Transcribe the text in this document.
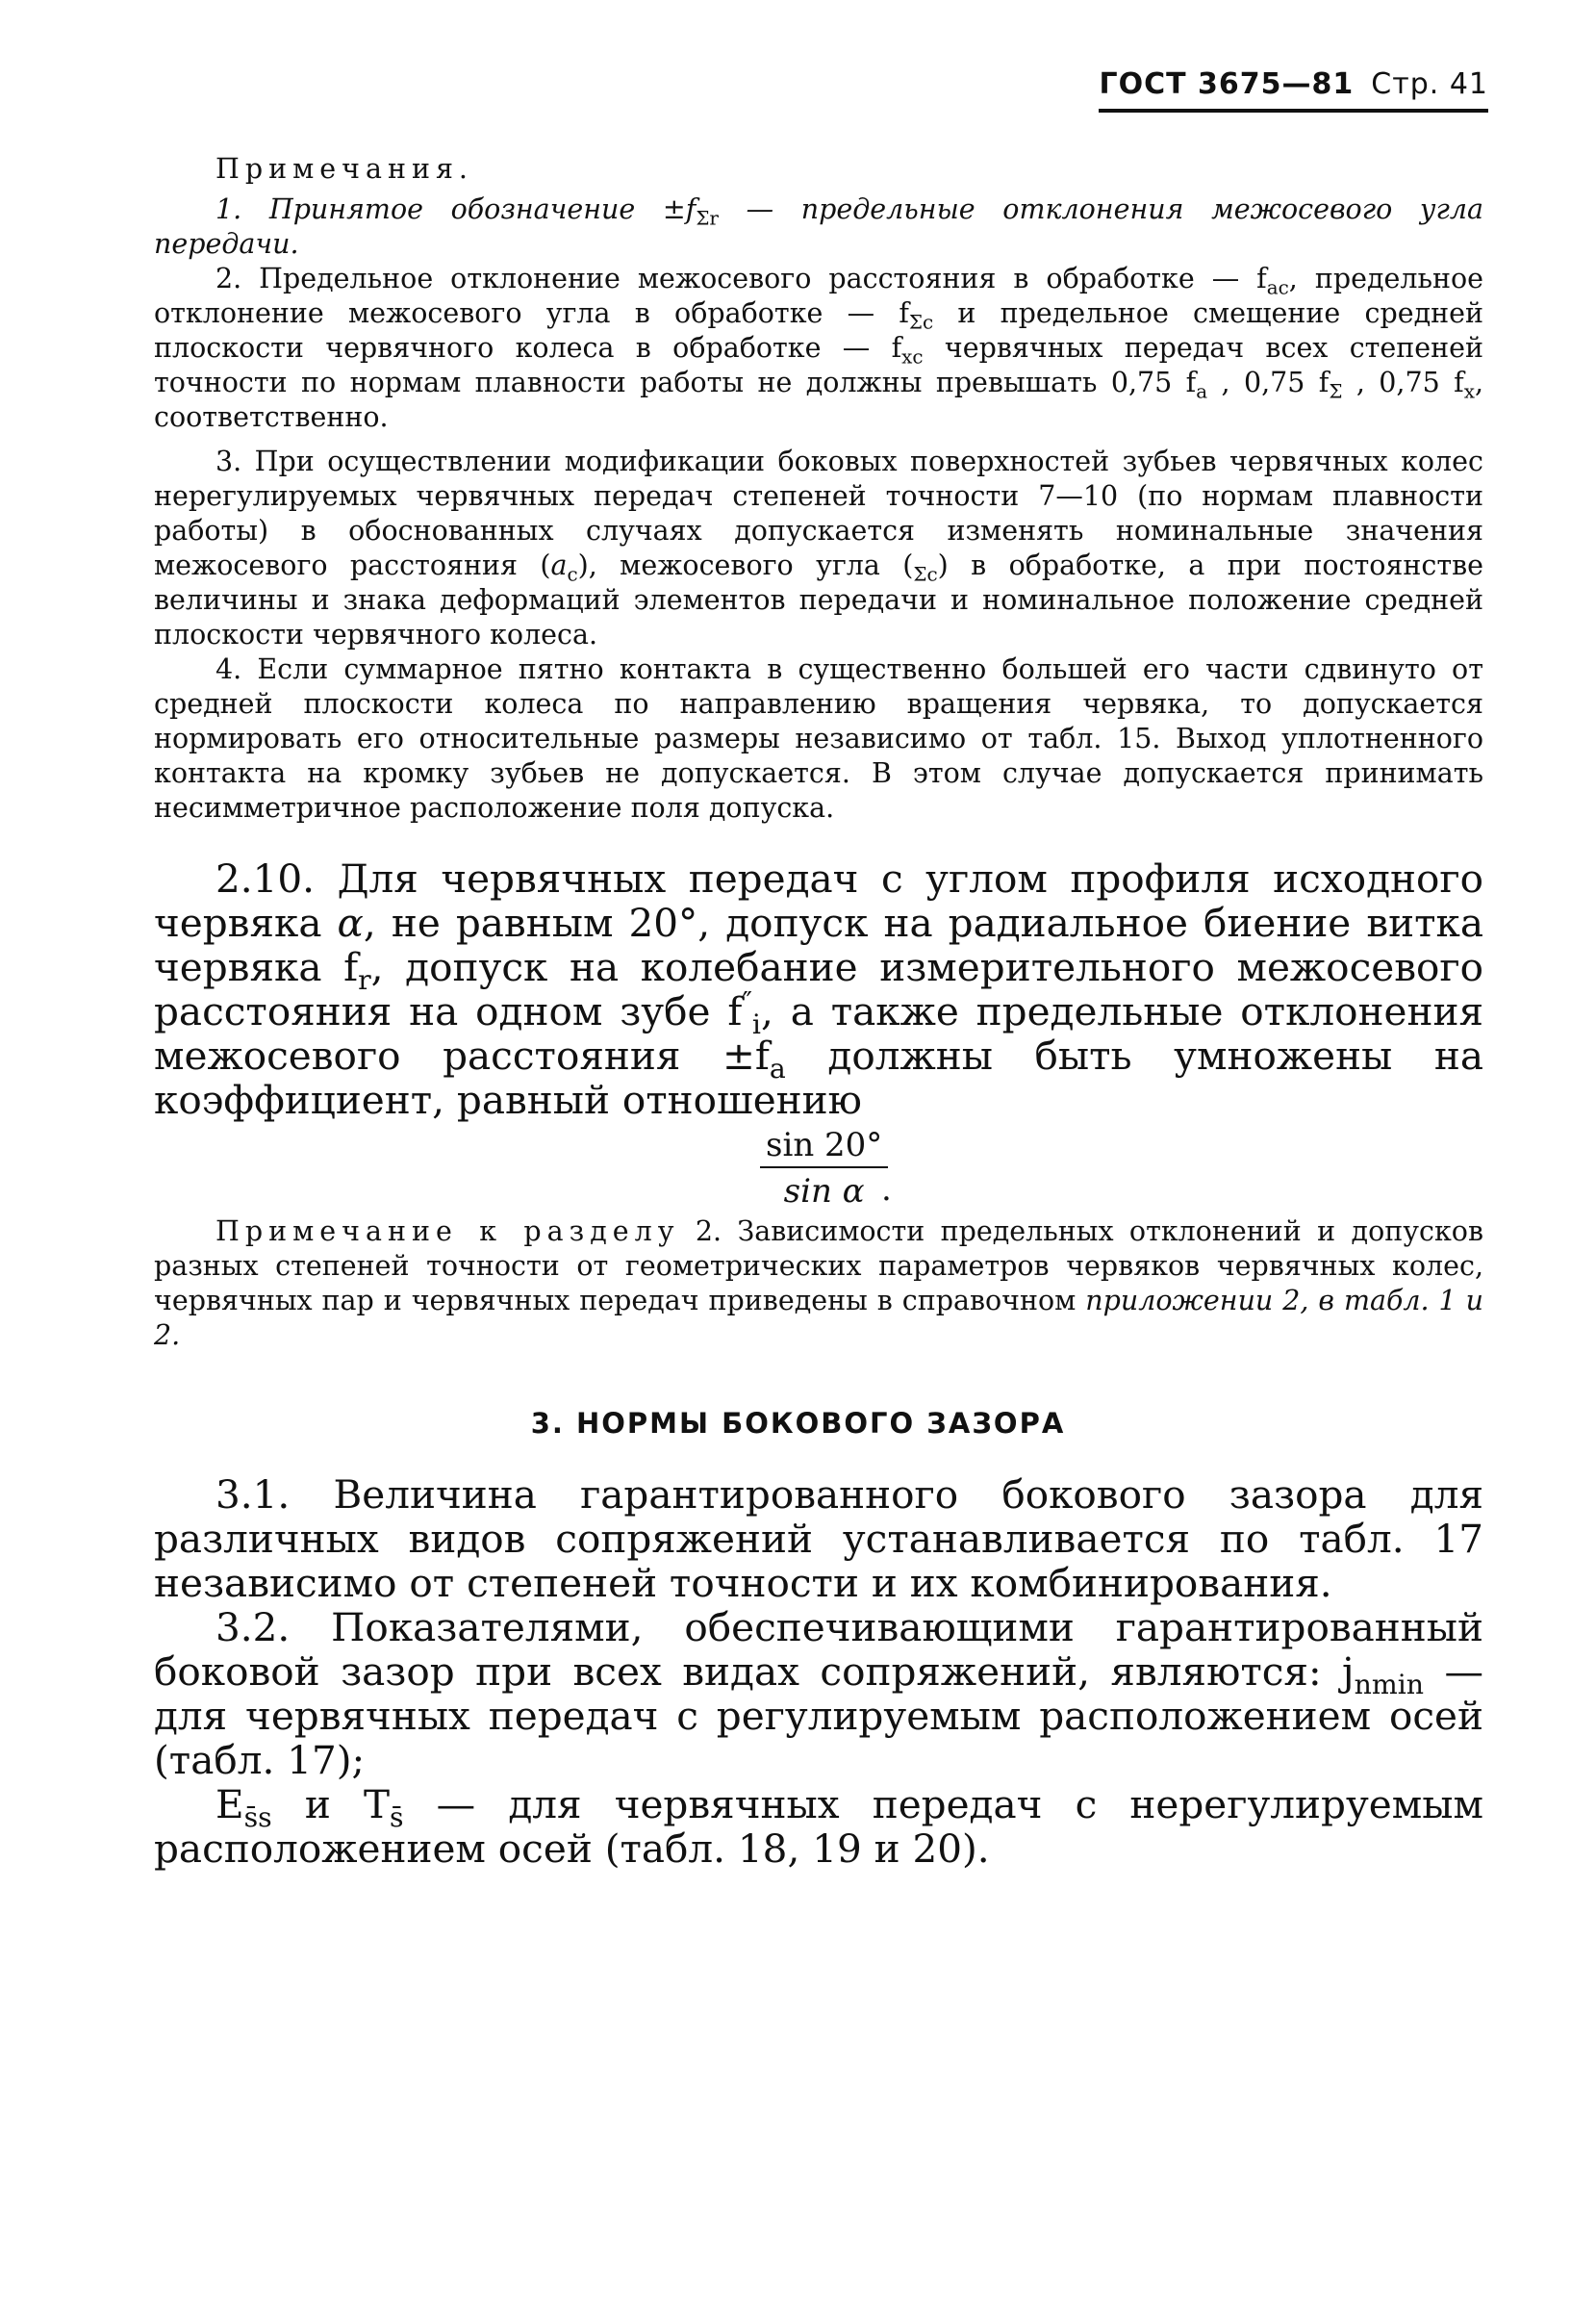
ГОСТ 3675—81 Стр. 41

Примечания.

1. Принятое обозначение $\pm f_{\Sigma r}$ — предельные отклонения межосевого угла передачи.

2. Предельное отклонение межосевого расстояния в обработке — $f_{ac}$, предельное отклонение межосевого угла в обработке — $f_{\Sigma c}$ и предельное смещение средней плоскости червячного колеса в обработке — $f_{xc}$ червячных передач всех степеней точности по нормам плавности работы не должны превышать 0,75 $f_a$ , 0,75 $f_\Sigma$ , 0,75 $f_x$, соответственно.

3. При осуществлении модификации боковых поверхностей зубьев червячных колес нерегулируемых червячных передач степеней точности 7—10 (по нормам плавности работы) в обоснованных случаях допускается изменять номинальные значения межосевого расстояния $(a_c)$, межосевого угла $(_{\Sigma c})$ в обработке, а при постоянстве величины и знака деформаций элементов передачи и номинальное положение средней плоскости червячного колеса.

4. Если суммарное пятно контакта в существенно большей его части сдвинуто от средней плоскости колеса по направлению вращения червяка, то допускается нормировать его относительные размеры независимо от табл. 15. Выход уплотненного контакта на кромку зубьев не допускается. В этом случае допускается принимать несимметричное расположение поля допуска.

2.10. Для червячных передач с углом профиля исходного червяка α, не равным 20°, допуск на радиальное биение витка червяка $f_r$, допуск на колебание измерительного межосевого расстояния на одном зубе $f''_i$, а также предельные отклонения межосевого расстояния $\pm f_a$ должны быть умножены на коэффициент, равный отношению

sin 20°
sin α .

Примечание к разделу 2. Зависимости предельных отклонений и допусков разных степеней точности от геометрических параметров червяков червячных колес, червячных пар и червячных передач приведены в справочном приложении 2, в табл. 1 и 2.

3. НОРМЫ БОКОВОГО ЗАЗОРА

3.1. Величина гарантированного бокового зазора для различных видов сопряжений устанавливается по табл. 17 независимо от степеней точности и их комбинирования.

3.2. Показателями, обеспечивающими гарантированный боковой зазор при всех видах сопряжений, являются: $j_{nmin}$ — для червячных передач с регулируемым расположением осей (табл. 17);

$E_{s̄s}$ и $T_{s̄}$ — для червячных передач с нерегулируемым расположением осей (табл. 18, 19 и 20).
